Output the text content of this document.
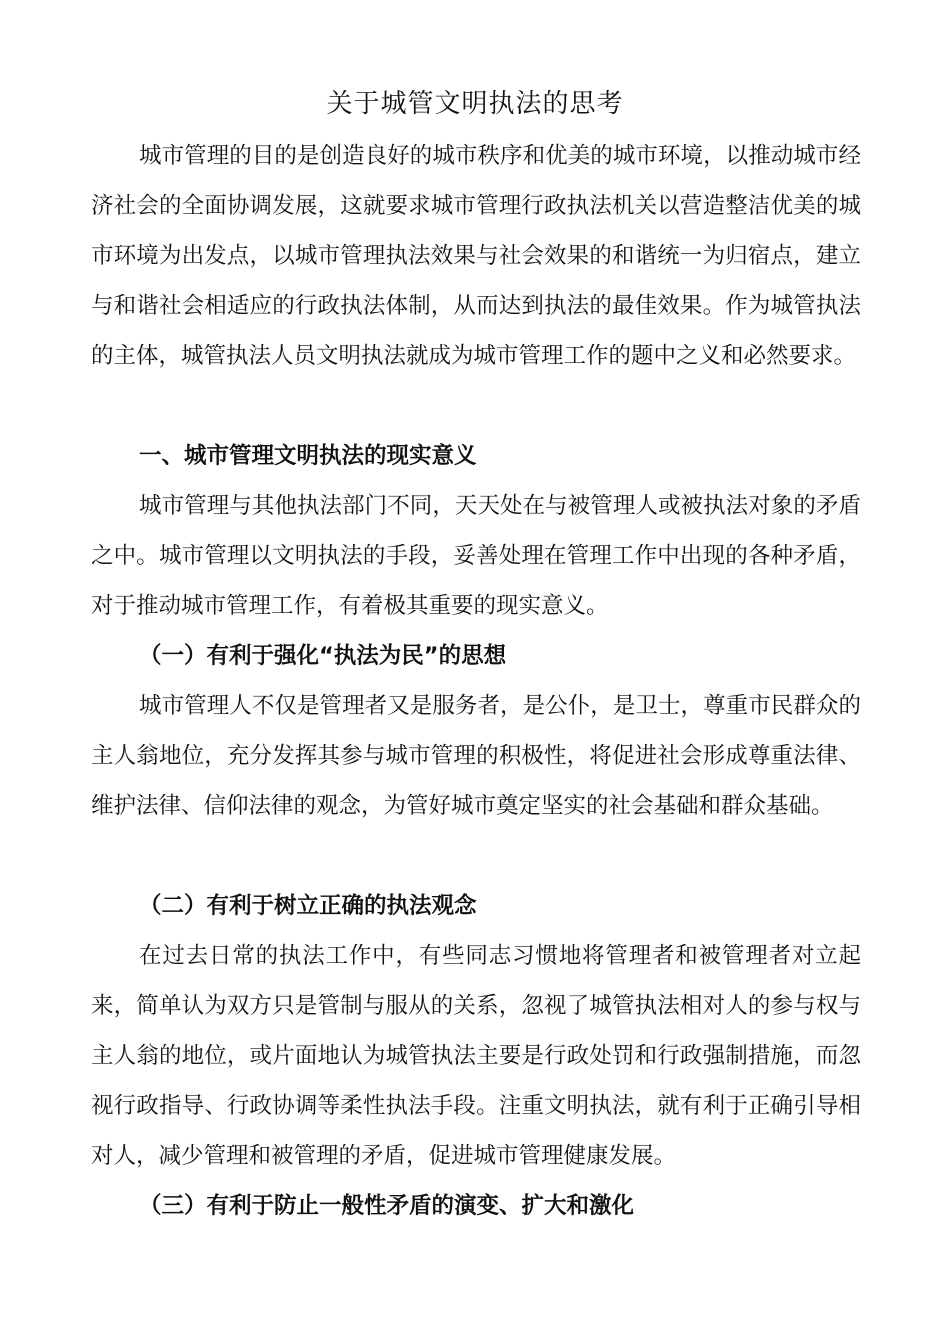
关于城管文明执法的思考

城市管理的目的是创造良好的城市秩序和优美的城市环境，以推动城市经济社会的全面协调发展，这就要求城市管理行政执法机关以营造整洁优美的城市环境为出发点，以城市管理执法效果与社会效果的和谐统一为归宿点，建立与和谐社会相适应的行政执法体制，从而达到执法的最佳效果。作为城管执法的主体，城管执法人员文明执法就成为城市管理工作的题中之义和必然要求。

一、城市管理文明执法的现实意义

城市管理与其他执法部门不同，天天处在与被管理人或被执法对象的矛盾之中。城市管理以文明执法的手段，妥善处理在管理工作中出现的各种矛盾，对于推动城市管理工作，有着极其重要的现实意义。

（一）有利于强化“执法为民”的思想

城市管理人不仅是管理者又是服务者，是公仆，是卫士，尊重市民群众的主人翁地位，充分发挥其参与城市管理的积极性，将促进社会形成尊重法律、维护法律、信仰法律的观念，为管好城市奠定坚实的社会基础和群众基础。

（二）有利于树立正确的执法观念

在过去日常的执法工作中，有些同志习惯地将管理者和被管理者对立起来，简单认为双方只是管制与服从的关系，忽视了城管执法相对人的参与权与主人翁的地位，或片面地认为城管执法主要是行政处罚和行政强制措施，而忽视行政指导、行政协调等柔性执法手段。注重文明执法，就有利于正确引导相对人，减少管理和被管理的矛盾，促进城市管理健康发展。

（三）有利于防止一般性矛盾的演变、扩大和激化
